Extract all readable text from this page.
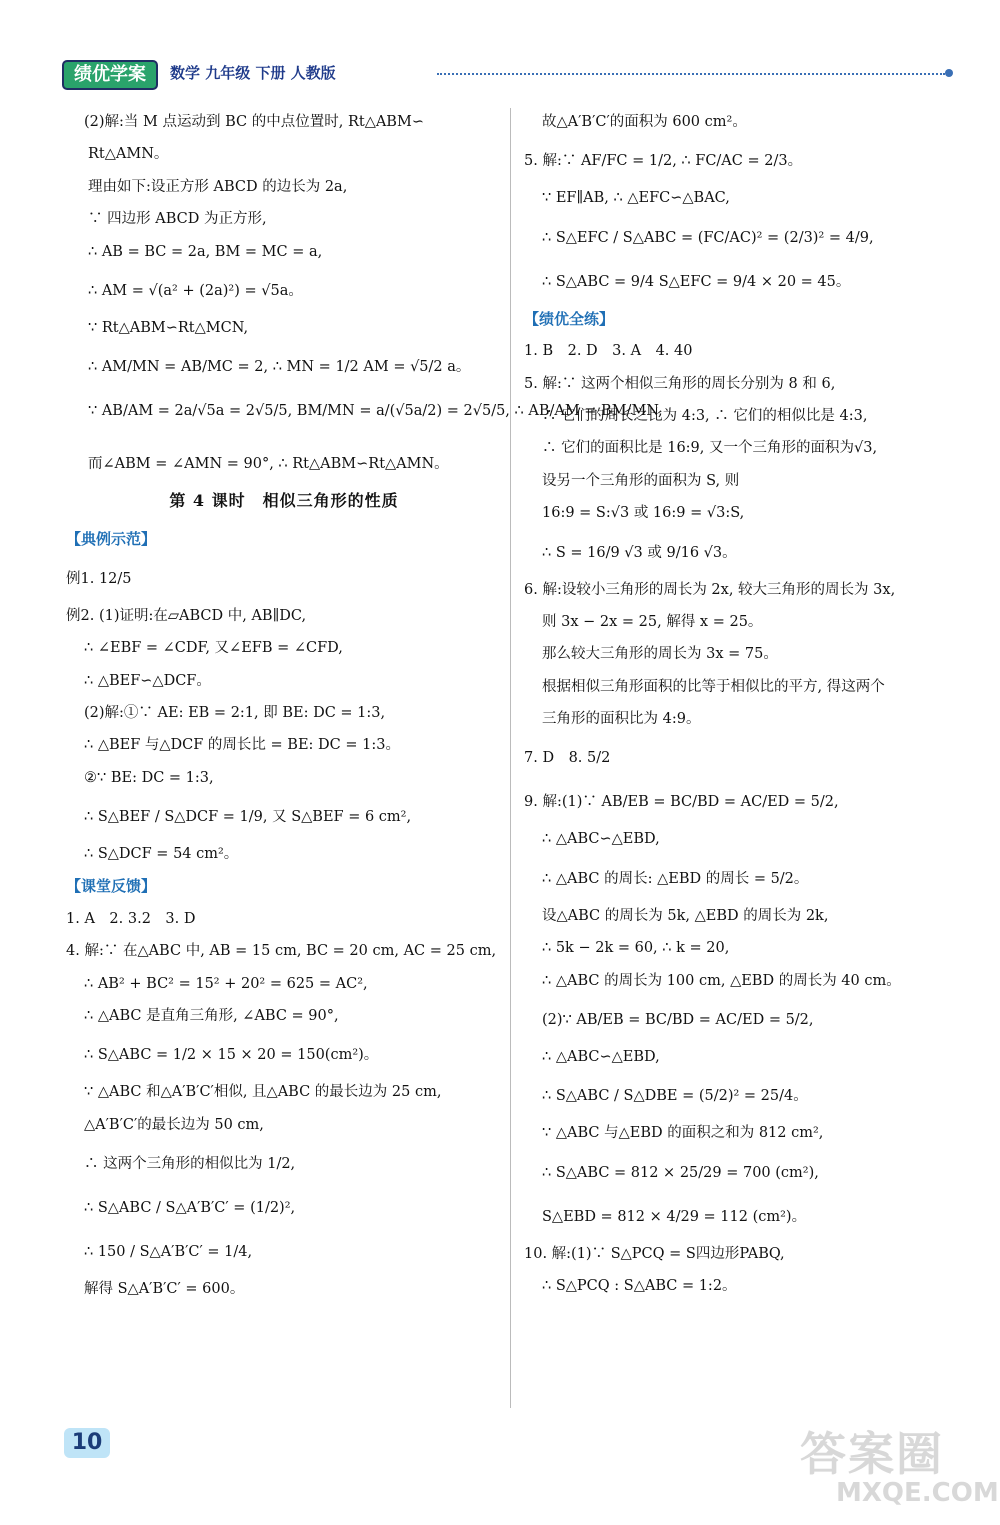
绩优学案	数学 九年级 下册 人教版
(2)解:当 M 点运动到 BC 的中点位置时, Rt△ABM∽
Rt△AMN。
理由如下:设正方形 ABCD 的边长为 2a,
∵ 四边形 ABCD 为正方形,
∴ AB = BC = 2a, BM = MC = a,
∴ AM = √(a² + (2a)²) = √5a。
∵ Rt△ABM∽Rt△MCN,
∴ AM/MN = AB/MC = 2, ∴ MN = 1/2 AM = √5/2 a。
∵ AB/AM = 2a/√5a = 2√5/5, BM/MN = a/(√5a/2) = 2√5/5, ∴ AB/AM = BM/MN,
而∠ABM = ∠AMN = 90°, ∴ Rt△ABM∽Rt△AMN。
第 4 课时　相似三角形的性质
【典例示范】
例1. 12/5
例2. (1)证明:在▱ABCD 中, AB∥DC,
∴ ∠EBF = ∠CDF, 又∠EFB = ∠CFD,
∴ △BEF∽△DCF。
(2)解:①∵ AE: EB = 2:1, 即 BE: DC = 1:3,
∴ △BEF 与△DCF 的周长比 = BE: DC = 1:3。
②∵ BE: DC = 1:3,
∴ S△BEF / S△DCF = 1/9, 又 S△BEF = 6 cm²,
∴ S△DCF = 54 cm²。
【课堂反馈】
1. A　2. 3.2　3. D
4. 解:∵ 在△ABC 中, AB = 15 cm, BC = 20 cm, AC = 25 cm,
∴ AB² + BC² = 15² + 20² = 625 = AC²,
∴ △ABC 是直角三角形, ∠ABC = 90°,
∴ S△ABC = 1/2 × 15 × 20 = 150(cm²)。
∵ △ABC 和△A′B′C′相似, 且△ABC 的最长边为 25 cm,
△A′B′C′的最长边为 50 cm,
∴ 这两个三角形的相似比为 1/2,
∴ S△ABC / S△A′B′C′ = (1/2)²,
∴ 150 / S△A′B′C′ = 1/4,
解得 S△A′B′C′ = 600。
故△A′B′C′的面积为 600 cm²。
5. 解:∵ AF/FC = 1/2, ∴ FC/AC = 2/3。
∵ EF∥AB, ∴ △EFC∽△BAC,
∴ S△EFC / S△ABC = (FC/AC)² = (2/3)² = 4/9,
∴ S△ABC = 9/4 S△EFC = 9/4 × 20 = 45。
【绩优全练】
1. B　2. D　3. A　4. 40
5. 解:∵ 这两个相似三角形的周长分别为 8 和 6,
∴ 它们的周长之比为 4:3, ∴ 它们的相似比是 4:3,
∴ 它们的面积比是 16:9, 又一个三角形的面积为√3,
设另一个三角形的面积为 S, 则
16:9 = S:√3 或 16:9 = √3:S,
∴ S = 16/9 √3 或 9/16 √3。
6. 解:设较小三角形的周长为 2x, 较大三角形的周长为 3x,
则 3x − 2x = 25, 解得 x = 25。
那么较大三角形的周长为 3x = 75。
根据相似三角形面积的比等于相似比的平方, 得这两个
三角形的面积比为 4:9。
7. D　8. 5/2
9. 解:(1)∵ AB/EB = BC/BD = AC/ED = 5/2,
∴ △ABC∽△EBD,
∴ △ABC 的周长: △EBD 的周长 = 5/2。
设△ABC 的周长为 5k, △EBD 的周长为 2k,
∴ 5k − 2k = 60, ∴ k = 20,
∴ △ABC 的周长为 100 cm, △EBD 的周长为 40 cm。
(2)∵ AB/EB = BC/BD = AC/ED = 5/2,
∴ △ABC∽△EBD,
∴ S△ABC / S△DBE = (5/2)² = 25/4。
∵ △ABC 与△EBD 的面积之和为 812 cm²,
∴ S△ABC = 812 × 25/29 = 700 (cm²),
S△EBD = 812 × 4/29 = 112 (cm²)。
10. 解:(1)∵ S△PCQ = S四边形PABQ,
∴ S△PCQ : S△ABC = 1:2。
10	答案圈
MXQE.COM
